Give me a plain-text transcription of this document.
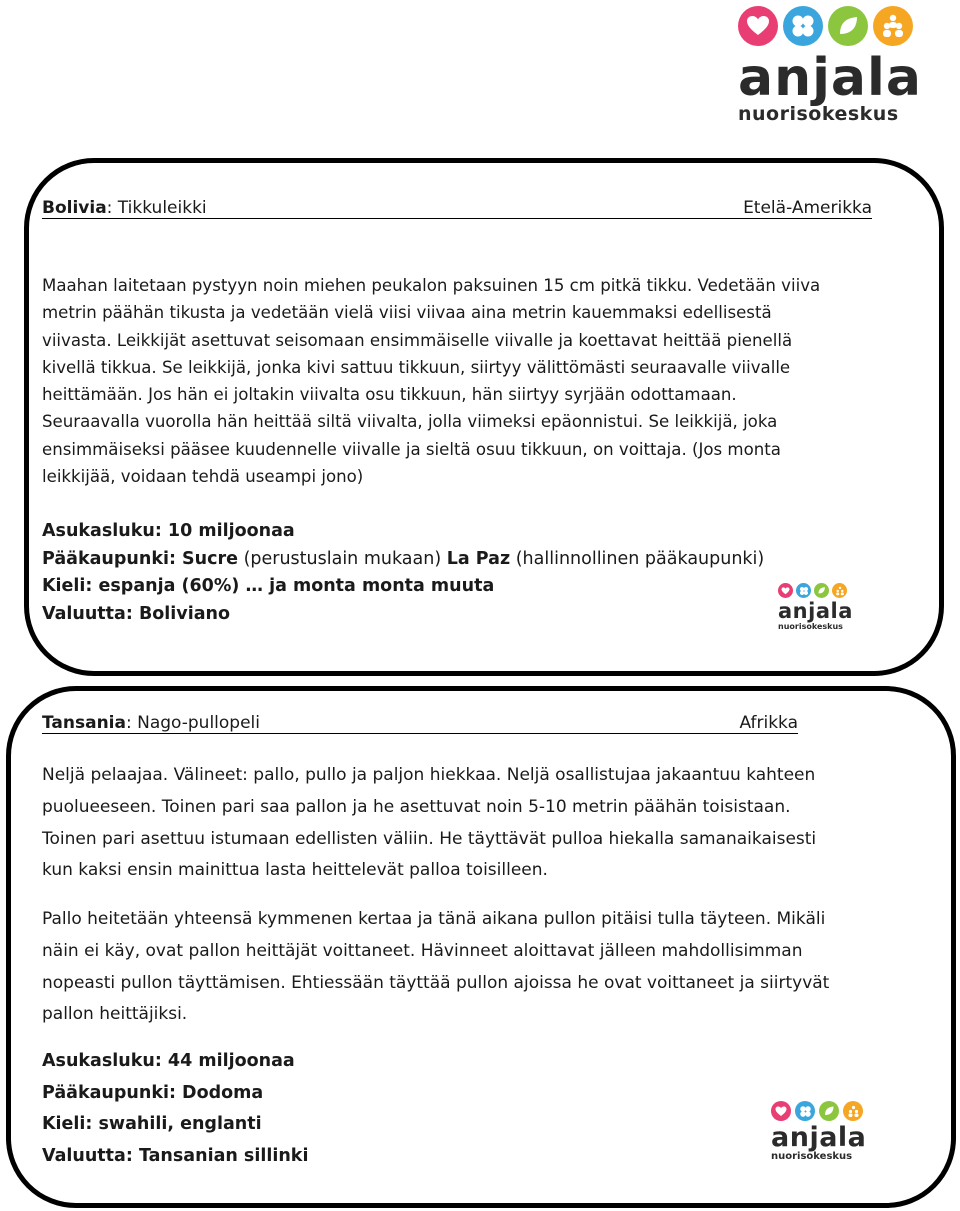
anjala
nuorisokeskus
Bolivia: Tikkuleikki	Etelä-Amerikka
Maahan laitetaan pystyyn noin miehen peukalon paksuinen 15 cm pitkä tikku. Vedetään viiva
metrin päähän tikusta ja vedetään vielä viisi viivaa aina metrin kauemmaksi edellisestä
viivasta. Leikkijät asettuvat seisomaan ensimmäiselle viivalle ja koettavat heittää pienellä
kivellä tikkua. Se leikkijä, jonka kivi sattuu tikkuun, siirtyy välittömästi seuraavalle viivalle
heittämään. Jos hän ei joltakin viivalta osu tikkuun, hän siirtyy syrjään odottamaan.
Seuraavalla vuorolla hän heittää siltä viivalta, jolla viimeksi epäonnistui. Se leikkijä, joka
ensimmäiseksi pääsee kuudennelle viivalle ja sieltä osuu tikkuun, on voittaja. (Jos monta
leikkijää, voidaan tehdä useampi jono)
Asukasluku: 10 miljoonaa
Pääkaupunki: Sucre (perustuslain mukaan) La Paz (hallinnollinen pääkaupunki)
Kieli: espanja (60%) … ja monta monta muuta
Valuutta: Boliviano	anjala
nuorisokeskus
Tansania: Nago-pullopeli	Afrikka
Neljä pelaajaa. Välineet: pallo, pullo ja paljon hiekkaa. Neljä osallistujaa jakaantuu kahteen
puolueeseen. Toinen pari saa pallon ja he asettuvat noin 5-10 metrin päähän toisistaan.
Toinen pari asettuu istumaan edellisten väliin. He täyttävät pulloa hiekalla samanaikaisesti
kun kaksi ensin mainittua lasta heittelevät palloa toisilleen.
Pallo heitetään yhteensä kymmenen kertaa ja tänä aikana pullon pitäisi tulla täyteen. Mikäli
näin ei käy, ovat pallon heittäjät voittaneet. Hävinneet aloittavat jälleen mahdollisimman
nopeasti pullon täyttämisen. Ehtiessään täyttää pullon ajoissa he ovat voittaneet ja siirtyvät
pallon heittäjiksi.
Asukasluku: 44 miljoonaa
Pääkaupunki: Dodoma
Kieli: swahili, englanti
Valuutta: Tansanian sillinki
anjala
nuorisokeskus
